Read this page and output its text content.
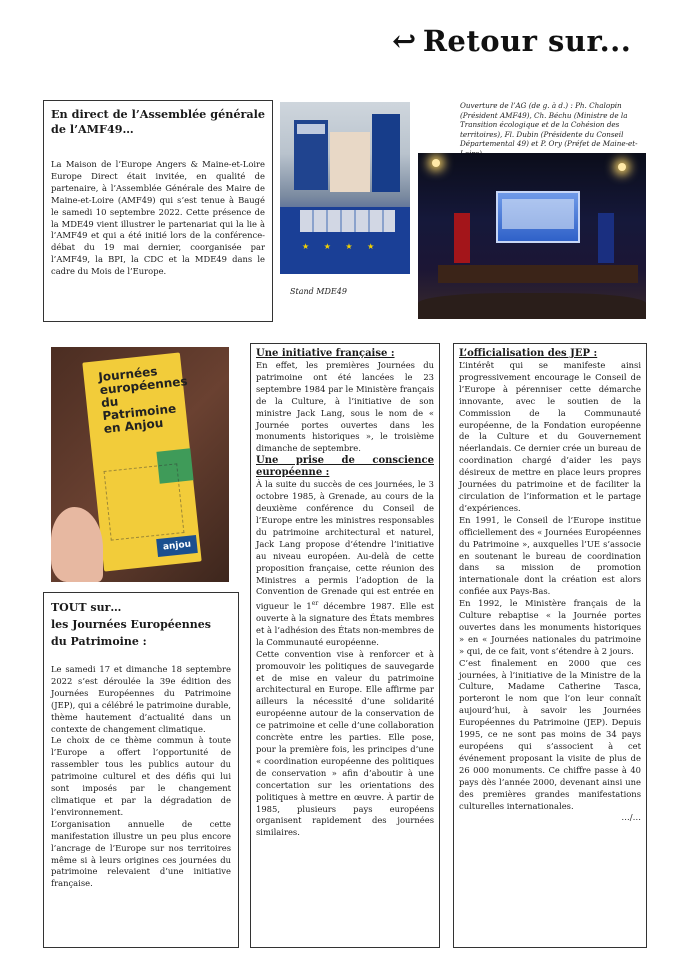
↩ Retour sur...
En direct de l’Assemblée générale de l’AMF49…
La Maison de l’Europe Angers & Maine-et-Loire Europe Direct était invitée, en qualité de partenaire, à l’Assemblée Générale des Maire de Maine-et-Loire (AMF49) qui s’est tenue à Baugé le samedi 10 septembre 2022. Cette présence de la MDE49 vient illustrer le partenariat qui la lie à l’AMF49 et qui a été initié lors de la conférence-débat du 19 mai dernier, coorganisée par l’AMF49, la BPI, la CDC et la MDE49 dans le cadre du Mois de l’Europe.
★ ★ ★ ★
Stand MDE49
Ouverture de l’AG (de g. à d.) : Ph. Chalopin (Président AMF49), Ch. Béchu (Ministre de la Transition écologique et de la Cohésion des territoires), Fl. Dubin (Présidente du Conseil Départemental 49) et P. Ory (Préfet de Maine-et-
Journées européennes du Patrimoine en Anjou
anjou
TOUT sur…
les Journées Européennes
du Patrimoine :
Le samedi 17 et dimanche 18 septembre 2022 s’est déroulée la 39e édition des Journées Européennes du Patrimoine (JEP), qui a célébré le patrimoine durable, thème hautement d’actualité dans un contexte de changement climatique.
Le choix de ce thème commun à toute l’Europe a offert l’opportunité de rassembler tous les publics autour du patrimoine culturel et des défis qui lui sont imposés par le changement climatique et par la dégradation de l’environnement.
L’organisation annuelle de cette manifestation illustre un peu plus encore l’ancrage de l’Europe sur nos territoires même si à leurs origines ces journées du patrimoine relevaient d’une initiative française.
Une initiative française :
En effet, les premières Journées du patrimoine ont été lancées le 23 septembre 1984 par le Ministère français de la Culture, à l’initiative de son ministre Jack Lang, sous le nom de « Journée portes ouvertes dans les monuments historiques », le troisième dimanche de septembre.
Une prise de conscience européenne :
À la suite du succès de ces journées, le 3 octobre 1985, à Grenade, au cours de la deuxième conférence du Conseil de l’Europe entre les ministres responsables du patrimoine architectural et naturel, Jack Lang propose d’étendre l’initiative au niveau européen. Au-delà de cette proposition française, cette réunion des Ministres a permis l’adoption de la Convention de Grenade qui est entrée en vigueur le 1er décembre 1987. Elle est ouverte à la signature des États membres et à l’adhésion des États non-membres de la Communauté européenne.
Cette convention vise à renforcer et à promouvoir les politiques de sauvegarde et de mise en valeur du patrimoine architectural en Europe. Elle affirme par ailleurs la nécessité d’une solidarité européenne autour de la conservation de ce patrimoine et celle d’une collaboration concrète entre les parties. Elle pose, pour la première fois, les principes d’une « coordination européenne des politiques de conservation » afin d’aboutir à une concertation sur les orientations des politiques à mettre en œuvre. À partir de 1985, plusieurs pays européens organisent rapidement des journées similaires.
L’officialisation des JEP :
L’intérêt qui se manifeste ainsi progressivement encourage le Conseil de l’Europe à pérenniser cette démarche innovante, avec le soutien de la Commission de la Communauté européenne, de la Fondation européenne de la Culture et du Gouvernement néerlandais. Ce dernier crée un bureau de coordination chargé d’aider les pays désireux de mettre en place leurs propres Journées du patrimoine et de faciliter la circulation de l’information et le partage d’expériences.
En 1991, le Conseil de l’Europe institue officiellement des « Journées Européennes du Patrimoine », auxquelles l’UE s’associe en soutenant le bureau de coordination dans sa mission de promotion internationale dont la création est alors confiée aux Pays-Bas.
En 1992, le Ministère français de la Culture rebaptise « la Journée portes ouvertes dans les monuments historiques » en « Journées nationales du patrimoine » qui, de ce fait, vont s’étendre à 2 jours.
C’est finalement en 2000 que ces journées, à l’initiative de la Ministre de la Culture, Madame Catherine Tasca, porteront le nom que l’on leur connaît aujourd’hui, à savoir les Journées Européennes du Patrimoine (JEP). Depuis 1995, ce ne sont pas moins de 34 pays européens qui s’associent à cet événement proposant la visite de plus de 26 000 monuments. Ce chiffre passe à 40 pays dès l’année 2000, devenant ainsi une des premières grandes manifestations culturelles internationales.
…/…
